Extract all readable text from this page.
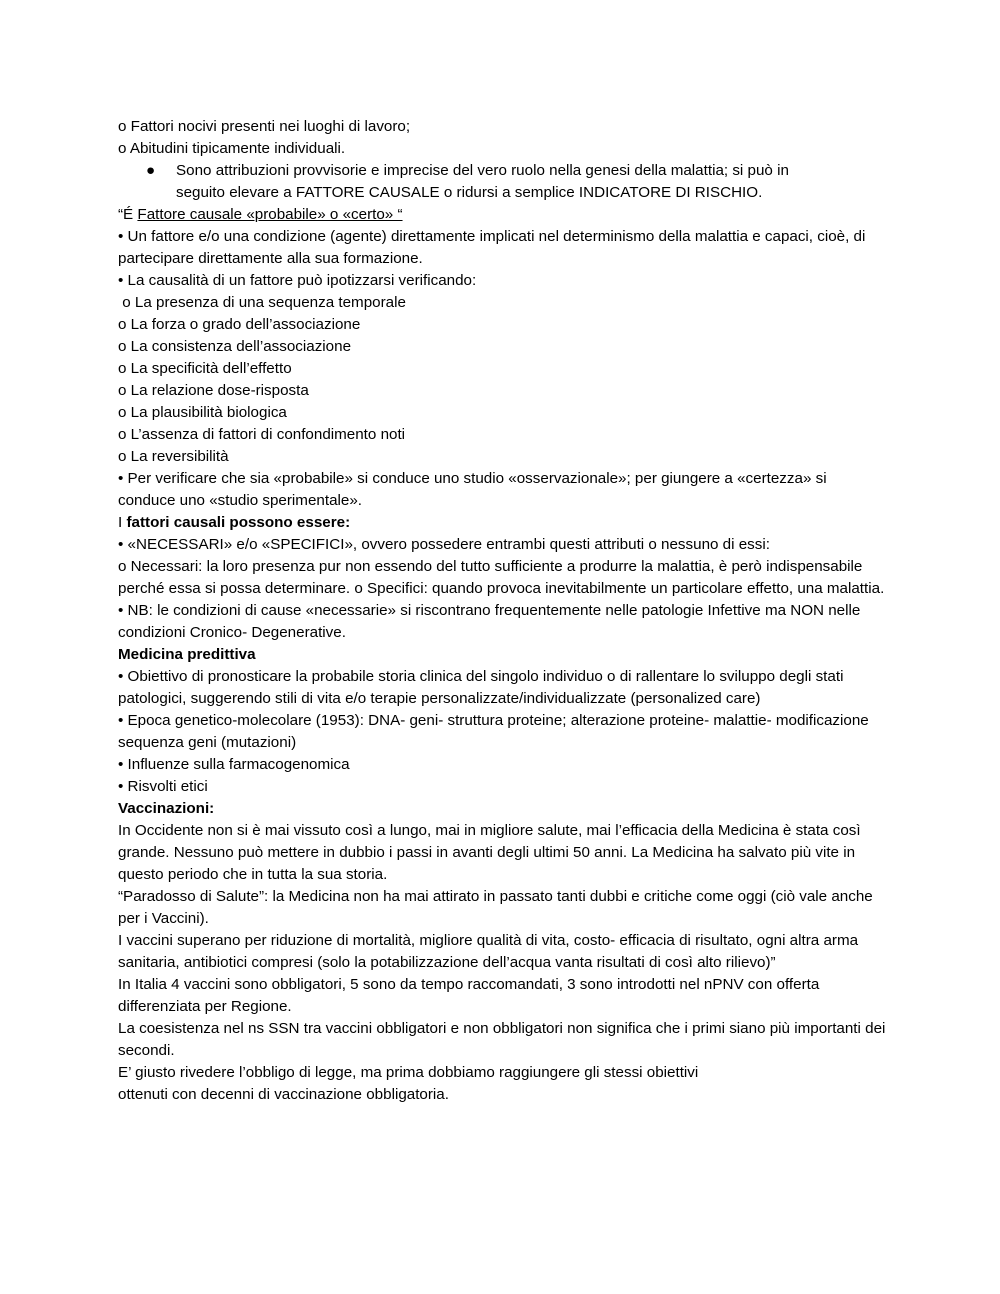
o Fattori nocivi presenti nei luoghi di lavoro;

o Abitudini tipicamente individuali.

● Sono attribuzioni provvisorie e imprecise del vero ruolo nella genesi della malattia; si può in
seguito elevare a FATTORE CAUSALE o ridursi a semplice INDICATORE DI RISCHIO.

“É Fattore causale «probabile» o «certo» “

• Un fattore e/o una condizione (agente) direttamente implicati nel determinismo della malattia e capaci, cioè, di partecipare direttamente alla sua formazione.

• La causalità di un fattore può ipotizzarsi verificando:

o La presenza di una sequenza temporale

o La forza o grado dell’associazione

o La consistenza dell’associazione

o La specificità dell’effetto

o La relazione dose-risposta

o La plausibilità biologica

o L’assenza di fattori di confondimento noti

o La reversibilità

• Per verificare che sia «probabile» si conduce uno studio «osservazionale»; per giungere a «certezza» si conduce uno «studio sperimentale».

I fattori causali possono essere:

• «NECESSARI» e/o «SPECIFICI», ovvero possedere entrambi questi attributi o nessuno di essi:

o Necessari: la loro presenza pur non essendo del tutto sufficiente a produrre la malattia, è però indispensabile perché essa si possa determinare. o Specifici: quando provoca inevitabilmente un particolare effetto, una malattia.

• NB: le condizioni di cause «necessarie» si riscontrano frequentemente nelle patologie Infettive ma NON nelle condizioni Cronico- Degenerative.

Medicina predittiva

• Obiettivo di pronosticare la probabile storia clinica del singolo individuo o di rallentare lo sviluppo degli stati patologici, suggerendo stili di vita e/o terapie personalizzate/individualizzate (personalized care)

• Epoca genetico-molecolare (1953): DNA- geni- struttura proteine; alterazione proteine- malattie- modificazione sequenza geni (mutazioni)

• Influenze sulla farmacogenomica

• Risvolti etici

Vaccinazioni:

In Occidente non si è mai vissuto così a lungo, mai in migliore salute, mai l’efficacia della Medicina è stata così grande. Nessuno può mettere in dubbio i passi in avanti degli ultimi 50 anni. La Medicina ha salvato più vite in questo periodo che in tutta la sua storia.

“Paradosso di Salute”: la Medicina non ha mai attirato in passato tanti dubbi e critiche come oggi (ciò vale anche per i Vaccini).

I vaccini superano per riduzione di mortalità, migliore qualità di vita, costo- efficacia di risultato, ogni altra arma sanitaria, antibiotici compresi (solo la potabilizzazione dell’acqua vanta risultati di così alto rilievo)”

In Italia 4 vaccini sono obbligatori, 5 sono da tempo raccomandati, 3 sono introdotti nel nPNV con offerta differenziata per Regione.

La coesistenza nel ns SSN tra vaccini obbligatori e non obbligatori non significa che i primi siano più importanti dei secondi.

E’ giusto rivedere l’obbligo di legge, ma prima dobbiamo raggiungere gli stessi obiettivi

ottenuti con decenni di vaccinazione obbligatoria.
